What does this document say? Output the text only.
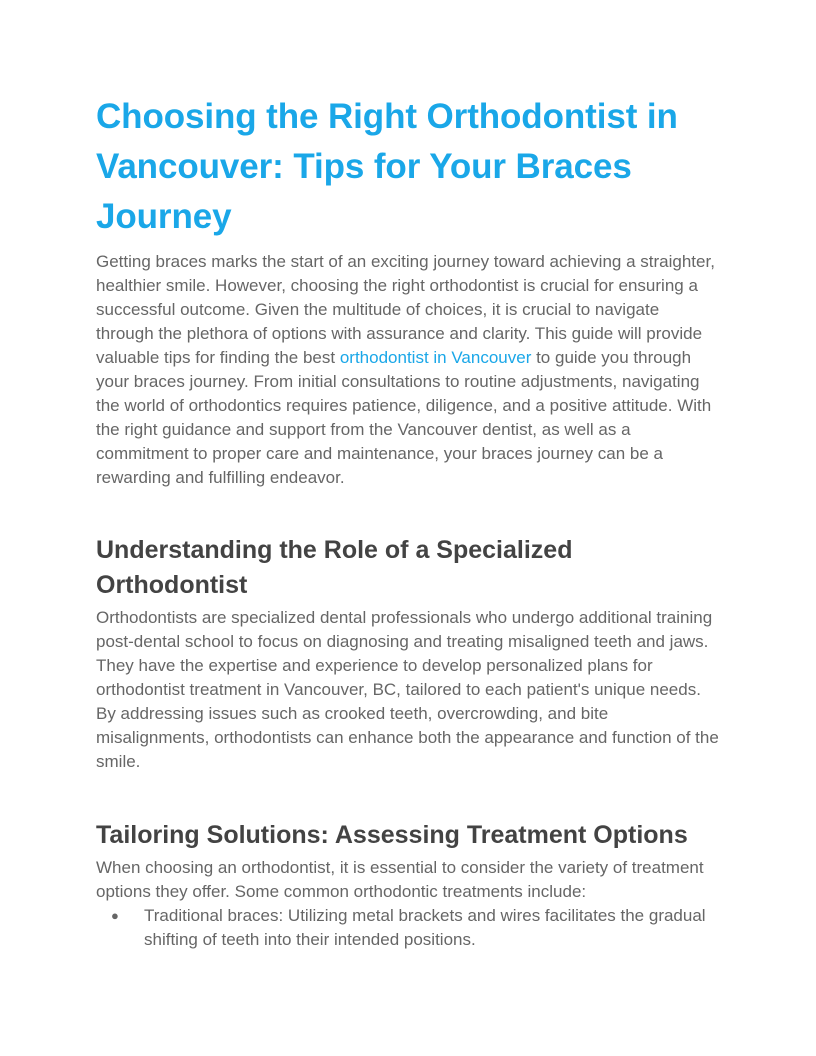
Choosing the Right Orthodontist in Vancouver: Tips for Your Braces Journey

Getting braces marks the start of an exciting journey toward achieving a straighter, healthier smile. However, choosing the right orthodontist is crucial for ensuring a successful outcome. Given the multitude of choices, it is crucial to navigate through the plethora of options with assurance and clarity. This guide will provide valuable tips for finding the best orthodontist in Vancouver to guide you through your braces journey. From initial consultations to routine adjustments, navigating the world of orthodontics requires patience, diligence, and a positive attitude. With the right guidance and support from the Vancouver dentist, as well as a commitment to proper care and maintenance, your braces journey can be a rewarding and fulfilling endeavor.

Understanding the Role of a Specialized Orthodontist

Orthodontists are specialized dental professionals who undergo additional training post-dental school to focus on diagnosing and treating misaligned teeth and jaws. They have the expertise and experience to develop personalized plans for orthodontist treatment in Vancouver, BC, tailored to each patient's unique needs. By addressing issues such as crooked teeth, overcrowding, and bite misalignments, orthodontists can enhance both the appearance and function of the smile.

Tailoring Solutions: Assessing Treatment Options

When choosing an orthodontist, it is essential to consider the variety of treatment options they offer. Some common orthodontic treatments include:

● Traditional braces: Utilizing metal brackets and wires facilitates the gradual shifting of teeth into their intended positions.
